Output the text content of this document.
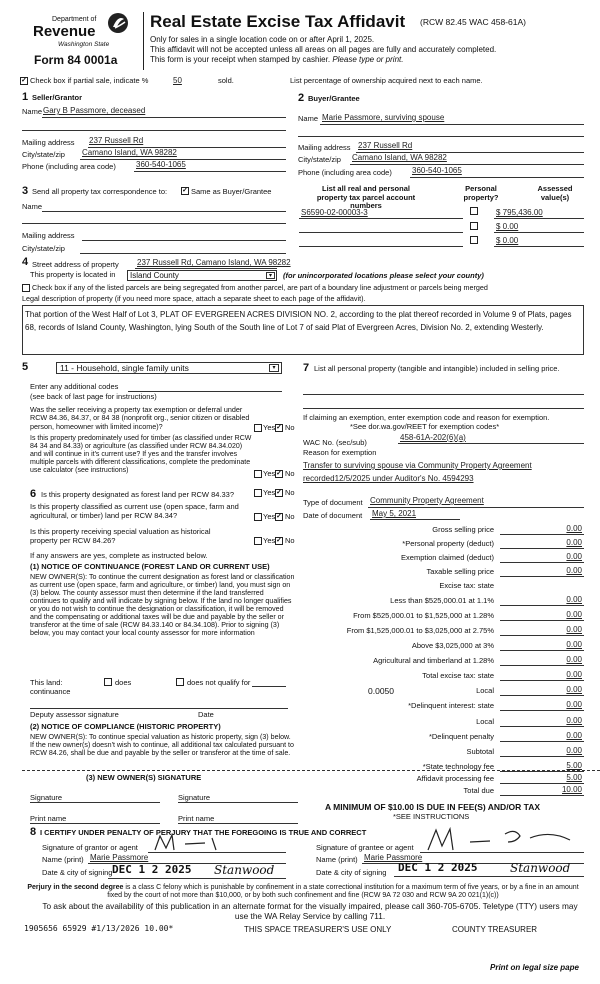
Department of
Revenue
Washington State
Form 84 0001a
Real Estate Excise Tax Affidavit (RCW 82.45 WAC 458-61A)
Only for sales in a single location code on or after April 1, 2025.
This affidavit will not be accepted unless all areas on all pages are fully and accurately completed.
This form is your receipt when stamped by cashier. Please type or print.
✓ Check box if partial sale, indicate %	50	sold.	List percentage of ownership acquired next to each name.
1 Seller/Grantor
Name Gary B Passmore, deceased
Mailing address 237 Russell Rd
City/state/zip Camano Island, WA 98282
Phone (including area code)	360-540-1065
2 Buyer/Grantee
Name Marie Passmore, surviving spouse
Mailing address 237 Russell Rd
City/state/zip Camano Island, WA 98282
Phone (including area code)	360-540-1065
3 Send all property tax correspondence to: ✓ Same as Buyer/Grantee
Name
Mailing address
City/state/zip
List all real and personal property tax parcel account numbers
Personal property?
Assessed value(s)
S6590-02-00003-3	$ 795,436.00
$ 0.00
$ 0.00
4 Street address of property 237 Russell Rd, Camano Island, WA 98282
This property is located in Island County	▾	(for unincorporated locations please select your county)
Check box if any of the listed parcels are being segregated from another parcel, are part of a boundary line adjustment or parcels being merged
Legal description of property (if you need more space, attach a separate sheet to each page of the affidavit).
That portion of the West Half of Lot 3, PLAT OF EVERGREEN ACRES DIVISION NO. 2, according to the plat thereof recorded in Volume 9 of Plats, pages 68, records of Island County, Washington, lying South of the South line of Lot 7 of said Plat of Evergreen Acres, Division No. 2, extending Westerly.
5	11 - Household, single family units	▾
Enter any additional codes
(see back of last page for instructions)
Was the seller receiving a property tax exemption or deferral under RCW 84.36, 84.37, or 84 38 (nonprofit org., senior citizen or disabled person, homeowner with limited income)?	Yes ✓ No
Is this property predominately used for timber (as classified under RCW 84 34 and 84.33) or agriculture (as classified under RCW 84.34.020) and will continue in it's current use? If yes and the transfer involves multiple parcels with different classifications, complete the predominate use calculator (see instructions)	Yes ✓ No
6 Is this property designated as forest land per RCW 84.33?	Yes ✓ No
Is this property classified as current use (open space, farm and agricultural, or timber) land per RCW 84.34?	Yes ✓ No
Is this property receiving special valuation as historical property per RCW 84.26?	Yes ✓ No
If any answers are yes, complete as instructed below.
(1) NOTICE OF CONTINUANCE (FOREST LAND OR CURRENT USE)
NEW OWNER(S): To continue the current designation as forest land or classification as current use (open space, farm and agriculture, or timber) land, you must sign on (3) below. The county assessor must then determine if the land transferred continues to qualify and will indicate by signing below. If the land no longer qualifies or you do not wish to continue the designation or classification, it will be removed and the compensating or additional taxes will be due and payable by the seller or transferor at the time of sale (RCW 84.33.140 or 84.34.108). Prior to signing (3) below, you may contact your local county assessor for more information
This land:	does	does not qualify for
continuance
Deputy assessor signature	Date
(2) NOTICE OF COMPLIANCE (HISTORIC PROPERTY)
NEW OWNER(S): To continue special valuation as historic property, sign (3) below. If the new owner(s) doesn't wish to continue, all additional tax calculated pursuant to RCW 84.26, shall be due and payable by the seller or transferor at the time of sale.
(3) NEW OWNER(S) SIGNATURE
Signature	Signature
Print name	Print name
7 List all personal property (tangible and intangible) included in selling price.
If claiming an exemption, enter exemption code and reason for exemption.
*See dor.wa.gov/REET for exemption codes*
WAC No. (sec/sub)
458-61A-202(6)(a)
Reason for exemption
Transfer to surviving spouse via Community Property Agreement recorded12/5/2025 under Auditor's No. 4594293
Type of document Community Property Agreement
Date of document May 5, 2021
Gross selling price	0.00
*Personal property (deduct)	0.00
Exemption claimed (deduct)	0.00
Taxable selling price	0.00
Excise tax: state
Less than $525,000.01 at 1.1%	0.00
From $525,000.01 to $1,525,000 at 1.28%	0.00
From $1,525,000.01 to $3,025,000 at 2.75%	0.00
Above $3,025,000 at 3%	0.00
Agricultural and timberland at 1.28%	0.00
Total excise tax: state	0.00
Local
0.0050	0.00
*Delinquent interest: state	0.00
Local	0.00
*Delinquent penalty	0.00
Subtotal	0.00
*State technology fee	5.00
Affidavit processing fee	5.00
Total due	10.00
A MINIMUM OF $10.00 IS DUE IN FEE(S) AND/OR TAX
*SEE INSTRUCTIONS
8 I CERTIFY UNDER PENALTY OF PERJURY THAT THE FOREGOING IS TRUE AND CORRECT
Signature of grantor or agent	Signature of grantee or agent
Name (print) Marie Passmore	Name (print) Marie Passmore
Date & city of signing DEC 1 2 2025 Stanwood	Date & city of signing DEC 1 2 2025	Stanwood
Perjury in the second degree is a class C felony which is punishable by confinement in a state correctional institution for a maximum term of five years, or by a fine in an amount fixed by the court of not more than $10,000, or by both such confinement and fine (RCW 9A 72 030 and RCW 9A 20 021(1)(c))
To ask about the availability of this publication in an alternate format for the visually impaired, please call 360-705-6705. Teletype (TTY) users may use the WA Relay Service by calling 711.
1905656 65929 #1/13/2026 10.00*	THIS SPACE TREASURER'S USE ONLY	COUNTY TREASURER
Print on legal size pape
